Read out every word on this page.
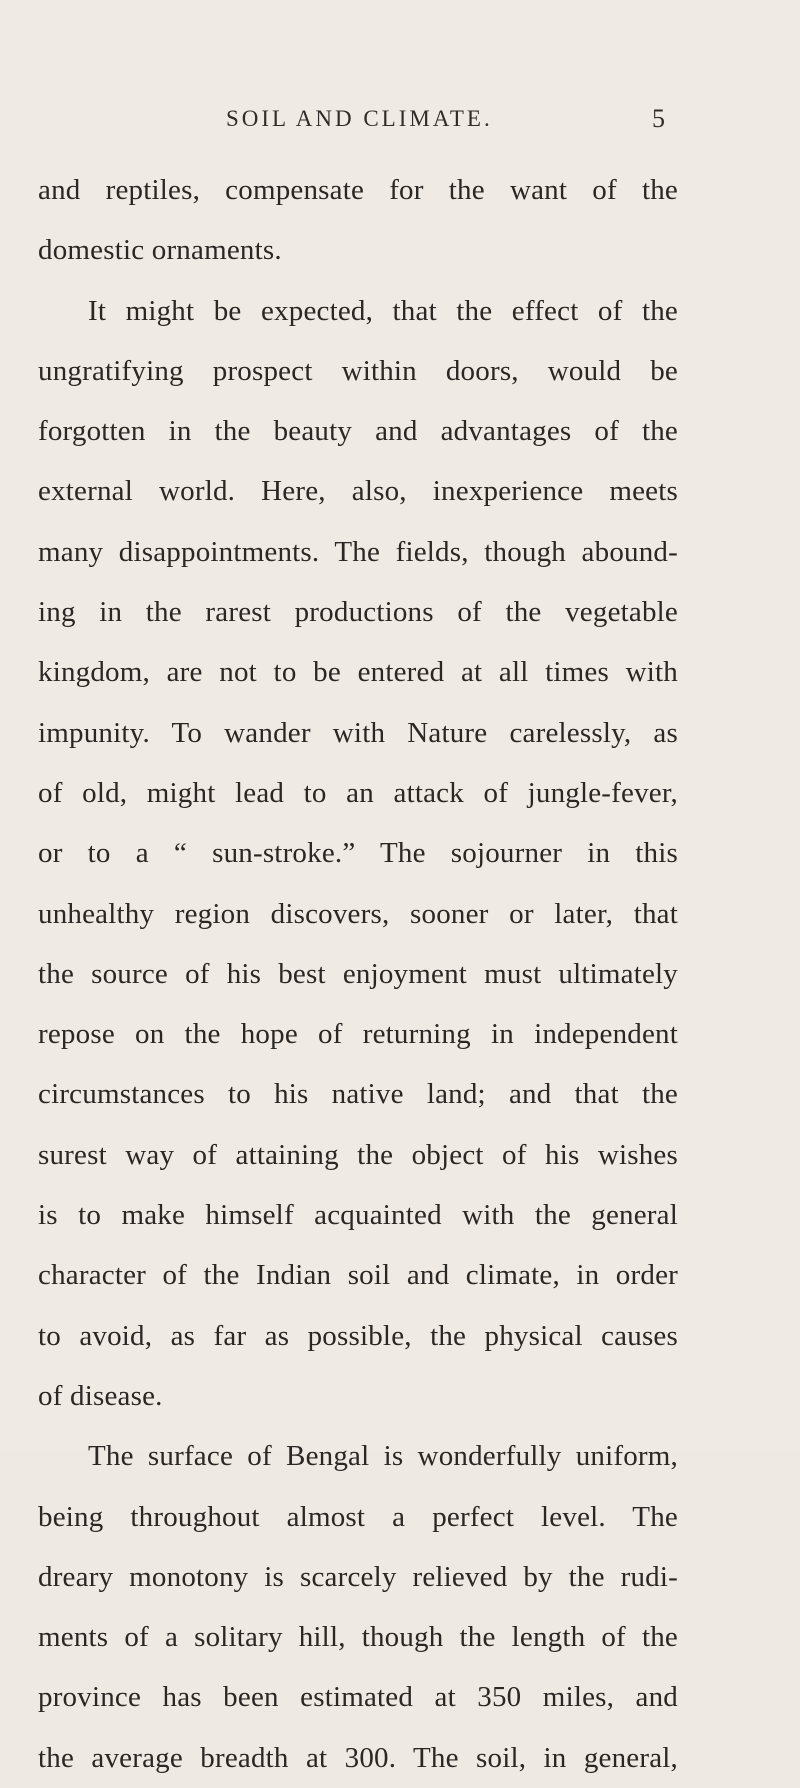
SOIL AND CLIMATE.	5
and reptiles, compensate for the want of the
domestic ornaments.
It might be expected, that the effect of the
ungratifying prospect within doors, would be
forgotten in the beauty and advantages of the
external world. Here, also, inexperience meets
many disappointments. The fields, though abound-
ing in the rarest productions of the vegetable
kingdom, are not to be entered at all times with
impunity. To wander with Nature carelessly, as
of old, might lead to an attack of jungle-fever,
or to a “ sun-stroke.” The sojourner in this
unhealthy region discovers, sooner or later, that
the source of his best enjoyment must ultimately
repose on the hope of returning in independent
circumstances to his native land; and that the
surest way of attaining the object of his wishes
is to make himself acquainted with the general
character of the Indian soil and climate, in order
to avoid, as far as possible, the physical causes
of disease.
The surface of Bengal is wonderfully uniform,
being throughout almost a perfect level. The
dreary monotony is scarcely relieved by the rudi-
ments of a solitary hill, though the length of the
province has been estimated at 350 miles, and
the average breadth at 300. The soil, in general,
